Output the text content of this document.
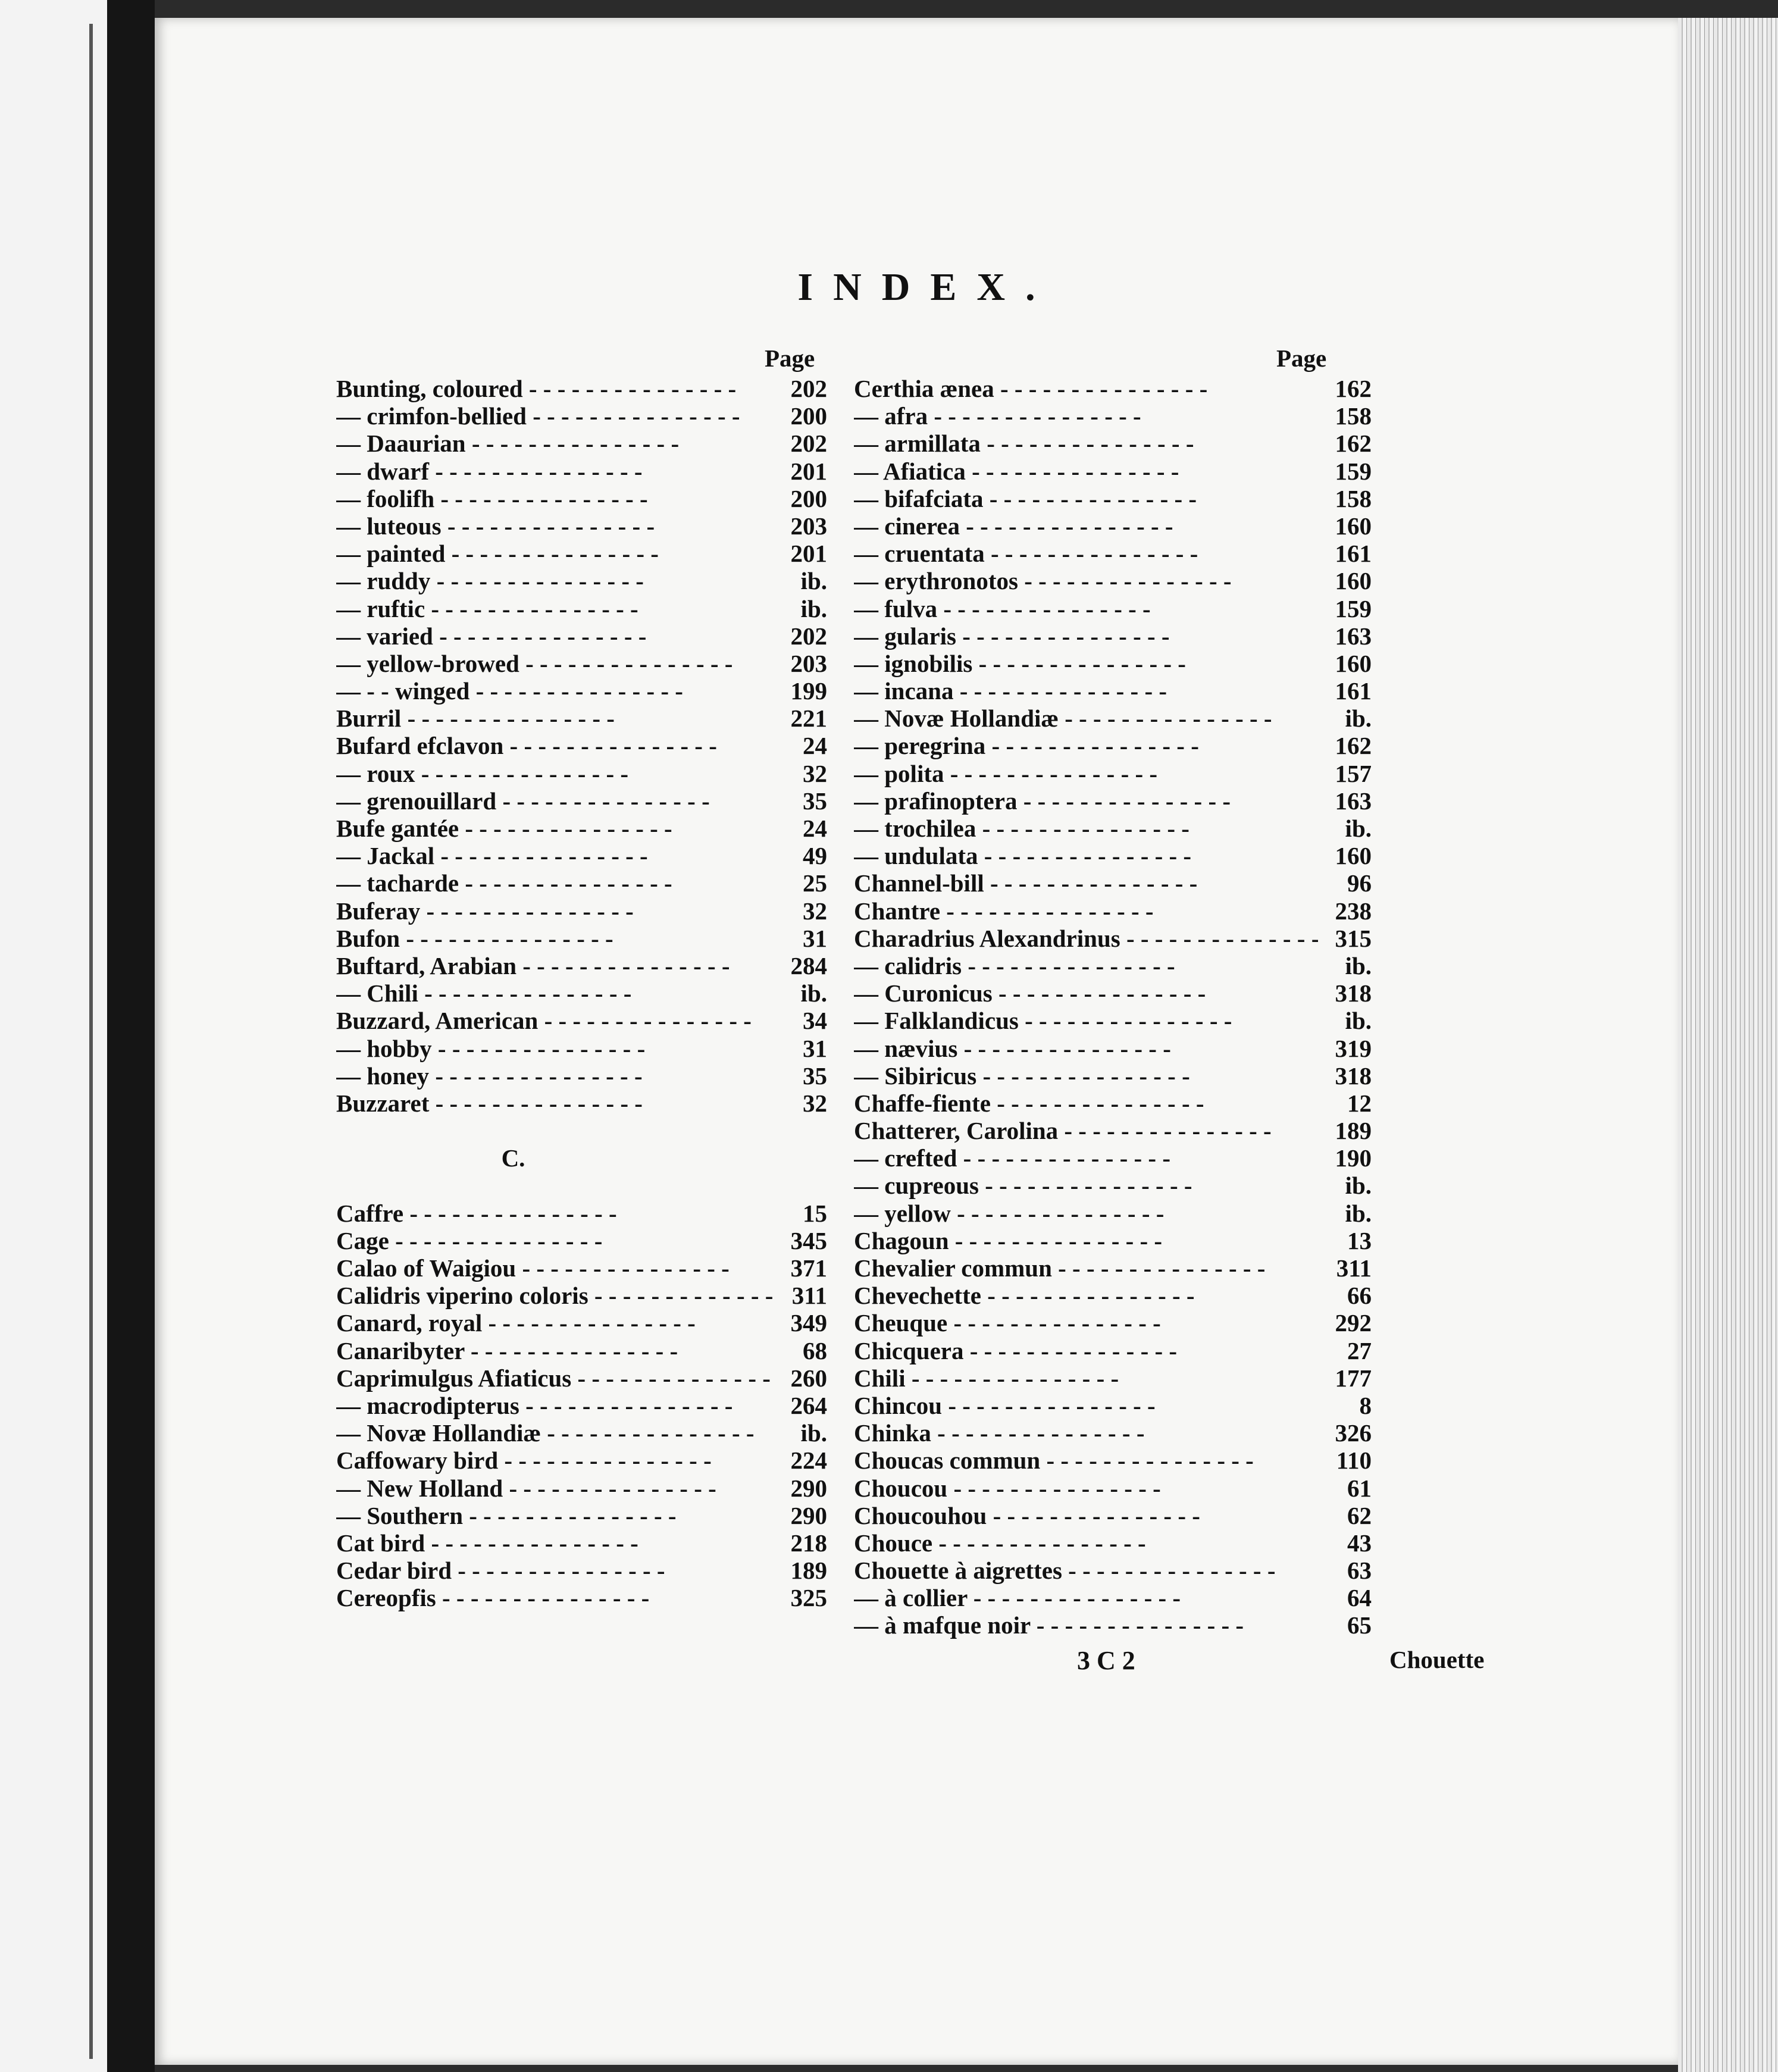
INDEX.
Page	Page
Bunting, coloured - -	202
— crimfon-bellied - -	200
— Daaurian - -	202
— dwarf - -	201
— foolifh - -	200
— luteous - -	203
— painted - -	201
— ruddy - -	ib.
— ruftic - -	ib.
— varied - -	202
— yellow-browed - -	203
— - - winged - -	199
Burril - -	221
Bufard efclavon - -	24
— roux - -	32
— grenouillard - -	35
Bufe gantée - -	24
— Jackal - -	49
— tacharde - -	25
Buferay - -	32
Bufon - -	31
Buftard, Arabian - -	284
— Chili - -	ib.
Buzzard, American - -	34
— hobby - -	31
— honey - -	35
Buzzaret - -	32
C.
Caffre - -	15
Cage - -	345
Calao of Waigiou - -	371
Calidris viperino coloris - -	311
Canard, royal - -	349
Canaribyter - -	68
Caprimulgus Afiaticus - -	260
— macrodipterus - -	264
— Novæ Hollandiæ - -	ib.
Caffowary bird - -	224
— New Holland - -	290
— Southern - -	290
Cat bird - -	218
Cedar bird - -	189
Cereopfis - -	325
Certhia ænea - -	162
— afra - -	158
— armillata - -	162
— Afiatica - -	159
— bifafciata - -	158
— cinerea - -	160
— cruentata - -	161
— erythronotos - -	160
— fulva - -	159
— gularis - -	163
— ignobilis - -	160
— incana - -	161
— Novæ Hollandiæ - -	ib.
— peregrina - -	162
— polita - -	157
— prafinoptera - -	163
— trochilea - -	ib.
— undulata - -	160
Channel-bill - -	96
Chantre - -	238
Charadrius Alexandrinus - -	315
— calidris - -	ib.
— Curonicus - -	318
— Falklandicus - -	ib.
— nævius - -	319
— Sibiricus - -	318
Chaffe-fiente - -	12
Chatterer, Carolina - -	189
— crefted - -	190
— cupreous - -	ib.
— yellow - -	ib.
Chagoun - -	13
Chevalier commun - -	311
Chevechette - -	66
Cheuque - -	292
Chicquera - -	27
Chili - -	177
Chincou - -	8
Chinka - -	326
Choucas commun - -	110
Choucou - -	61
Choucouhou - -	62
Chouce - -	43
Chouette à aigrettes - -	63
— à collier - -	64
— à mafque noir - -	65
3 C 2	Chouette
